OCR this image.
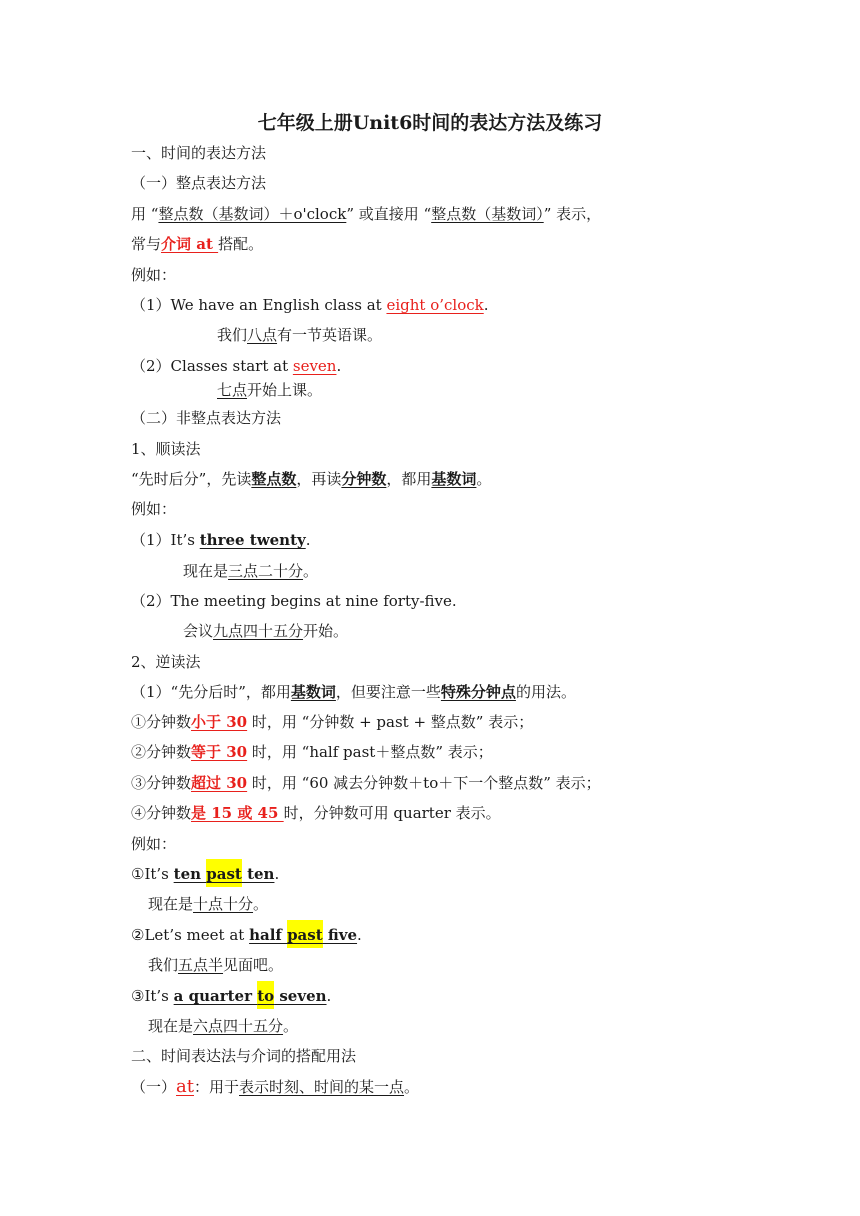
七年级上册Unit6时间的表达方法及练习
一、时间的表达方法
（一）整点表达方法
用 “整点数（基数词）＋o'clock” 或直接用 “整点数（基数词）” 表示，
常与介词 at 搭配。
例如：
（1）We have an English class at eight o’clock.
我们八点有一节英语课。
（2）Classes start at seven.
七点开始上课。
（二）非整点表达方法
1、顺读法
“先时后分”，先读整点数，再读分钟数，都用基数词。
例如：
（1）It’s three twenty.
现在是三点二十分。
（2）The meeting begins at nine forty-five.
会议九点四十五分开始。
2、逆读法
（1）“先分后时”，都用基数词，但要注意一些特殊分钟点的用法。
①分钟数小于 30 时，用 “分钟数 + past + 整点数” 表示；
②分钟数等于 30 时，用 “half past＋整点数” 表示；
③分钟数超过 30 时，用 “60 减去分钟数＋to＋下一个整点数” 表示；
④分钟数是 15 或 45 时，分钟数可用 quarter 表示。
例如：
①It’s ten past ten.
现在是十点十分。
②Let’s meet at half past five.
我们五点半见面吧。
③It’s a quarter to seven.
现在是六点四十五分。
二、时间表达法与介词的搭配用法
（一）at：用于表示时刻、时间的某一点。
